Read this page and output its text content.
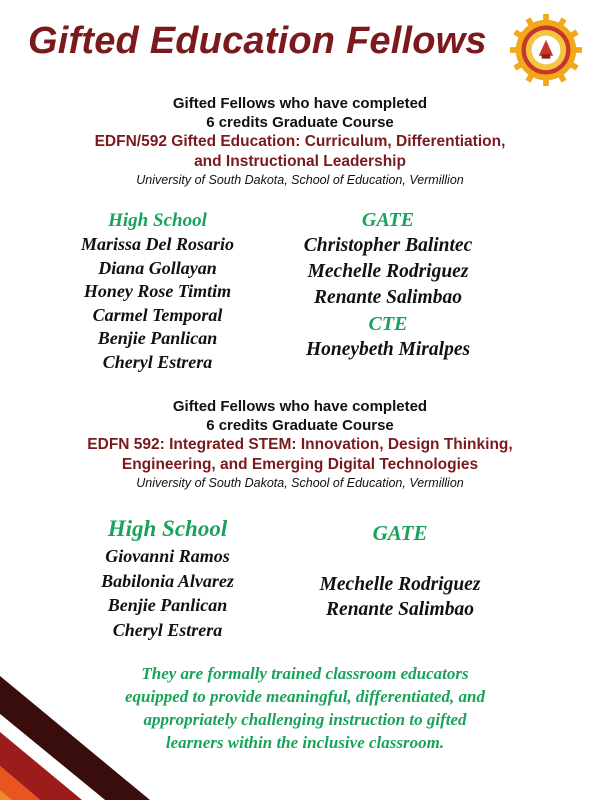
Gifted Education Fellows
Gifted Fellows who have completed
6 credits Graduate Course
EDFN/592 Gifted Education: Curriculum, Differentiation,
and Instructional Leadership
University of South Dakota, School of Education, Vermillion
High School
Marissa Del Rosario
Diana Gollayan
Honey Rose Timtim
Carmel Temporal
Benjie Panlican
Cheryl Estrera
GATE
Christopher Balintec
Mechelle Rodriguez
Renante Salimbao
CTE
Honeybeth Miralpes
Gifted Fellows who have completed
6 credits Graduate Course
EDFN 592: Integrated STEM: Innovation, Design Thinking,
Engineering, and Emerging Digital Technologies
University of South Dakota, School of Education, Vermillion
High School
Giovanni Ramos
Babilonia Alvarez
Benjie Panlican
Cheryl Estrera
GATE
Mechelle Rodriguez
Renante Salimbao
They are formally trained classroom educators
equipped to provide meaningful, differentiated, and
appropriately challenging instruction to gifted
learners within the inclusive classroom.
